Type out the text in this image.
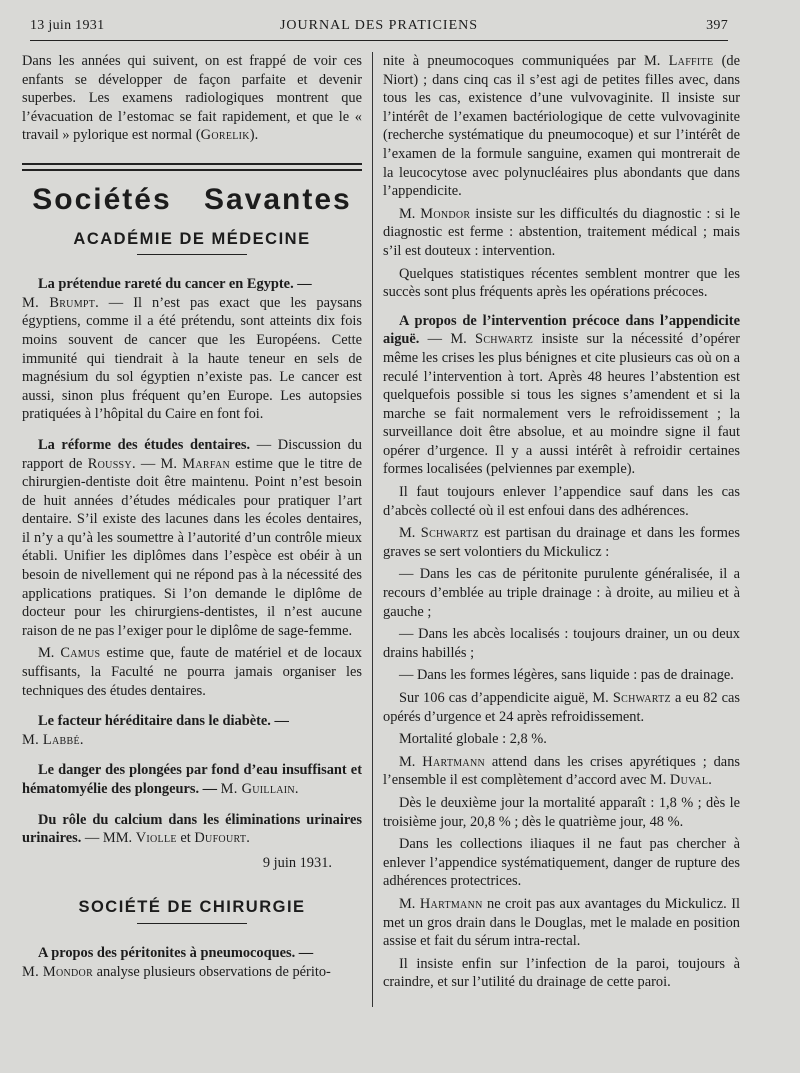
13 juin 1931	JOURNAL DES PRATICIENS	397

Dans les années qui suivent, on est frappé de voir ces enfants se développer de façon parfaite et devenir superbes. Les examens radiologiques montrent que l’évacuation de l’estomac se fait rapidement, et que le « travail » pylorique est normal (Gorelik).

Sociétés Savantes
ACADÉMIE DE MÉDECINE

La prétendue rareté du cancer en Egypte. —
M. Brumpt. — Il n’est pas exact que les paysans égyptiens, comme il a été prétendu, sont atteints dix fois moins souvent de cancer que les Européens. Cette immunité qui tiendrait à la haute teneur en sels de magnésium du sol égyptien n’existe pas. Le cancer est aussi, sinon plus fréquent qu’en Europe. Les autopsies pratiquées à l’hôpital du Caire en font foi.

La réforme des études dentaires. — Discussion du rapport de Roussy. — M. Marfan estime que le titre de chirurgien-dentiste doit être maintenu. Point n’est besoin de huit années d’études médicales pour pratiquer l’art dentaire. S’il existe des lacunes dans les écoles dentaires, il n’y a qu’à les soumettre à l’autorité d’un contrôle mieux établi. Unifier les diplômes dans l’espèce est obéir à un besoin de nivellement qui ne répond pas à la nécessité des applications pratiques. Si l’on demande le diplôme de docteur pour les chirurgiens-dentistes, il n’est aucune raison de ne pas l’exiger pour le diplôme de sage-femme.

M. Camus estime que, faute de matériel et de locaux suffisants, la Faculté ne pourra jamais organiser les techniques des études dentaires.

Le facteur héréditaire dans le diabète. —
M. Labbé.

Le danger des plongées par fond d’eau insuffisant et hématomyélie des plongeurs. — M. Guillain.

Du rôle du calcium dans les éliminations urinaires urinaires. — MM. Violle et Dufourt.

9 juin 1931.

SOCIÉTÉ DE CHIRURGIE

A propos des péritonites à pneumocoques. —
M. Mondor analyse plusieurs observations de périto-

nite à pneumocoques communiquées par M. Laffite (de Niort) ; dans cinq cas il s’est agi de petites filles avec, dans tous les cas, existence d’une vulvovaginite. Il insiste sur l’intérêt de l’examen bactériologique de cette vulvovaginite (recherche systématique du pneumocoque) et sur l’intérêt de l’examen de la formule sanguine, examen qui montrerait de la leucocytose avec polynucléaires plus abondants que dans l’appendicite.

M. Mondor insiste sur les difficultés du diagnostic : si le diagnostic est ferme : abstention, traitement médical ; mais s’il est douteux : intervention.

Quelques statistiques récentes semblent montrer que les succès sont plus fréquents après les opérations précoces.

A propos de l’intervention précoce dans l’appendicite aiguë. — M. Schwartz insiste sur la nécessité d’opérer même les crises les plus bénignes et cite plusieurs cas où on a reculé l’intervention à tort. Après 48 heures l’abstention est quelquefois possible si tous les signes s’amendent et si la marche se fait normalement vers le refroidissement ; la surveillance doit être absolue, et au moindre signe il faut opérer d’urgence. Il y a aussi intérêt à refroidir certaines formes localisées (pelviennes par exemple).

Il faut toujours enlever l’appendice sauf dans les cas d’abcès collecté où il est enfoui dans des adhérences.

M. Schwartz est partisan du drainage et dans les formes graves se sert volontiers du Mickulicz :

— Dans les cas de péritonite purulente généralisée, il a recours d’emblée au triple drainage : à droite, au milieu et à gauche ;

— Dans les abcès localisés : toujours drainer, un ou deux drains habillés ;

— Dans les formes légères, sans liquide : pas de drainage.

Sur 106 cas d’appendicite aiguë, M. Schwartz a eu 82 cas opérés d’urgence et 24 après refroidissement.

Mortalité globale : 2,8 %.

M. Hartmann attend dans les crises apyrétiques ; dans l’ensemble il est complètement d’accord avec M. Duval.

Dès le deuxième jour la mortalité apparaît : 1,8 % ; dès le troisième jour, 20,8 % ; dès le quatrième jour, 48 %.

Dans les collections iliaques il ne faut pas chercher à enlever l’appendice systématiquement, danger de rupture des adhérences protectrices.

M. Hartmann ne croit pas aux avantages du Mickulicz. Il met un gros drain dans le Douglas, met le malade en position assise et fait du sérum intra-rectal.

Il insiste enfin sur l’infection de la paroi, toujours à craindre, et sur l’utilité du drainage de cette paroi.
